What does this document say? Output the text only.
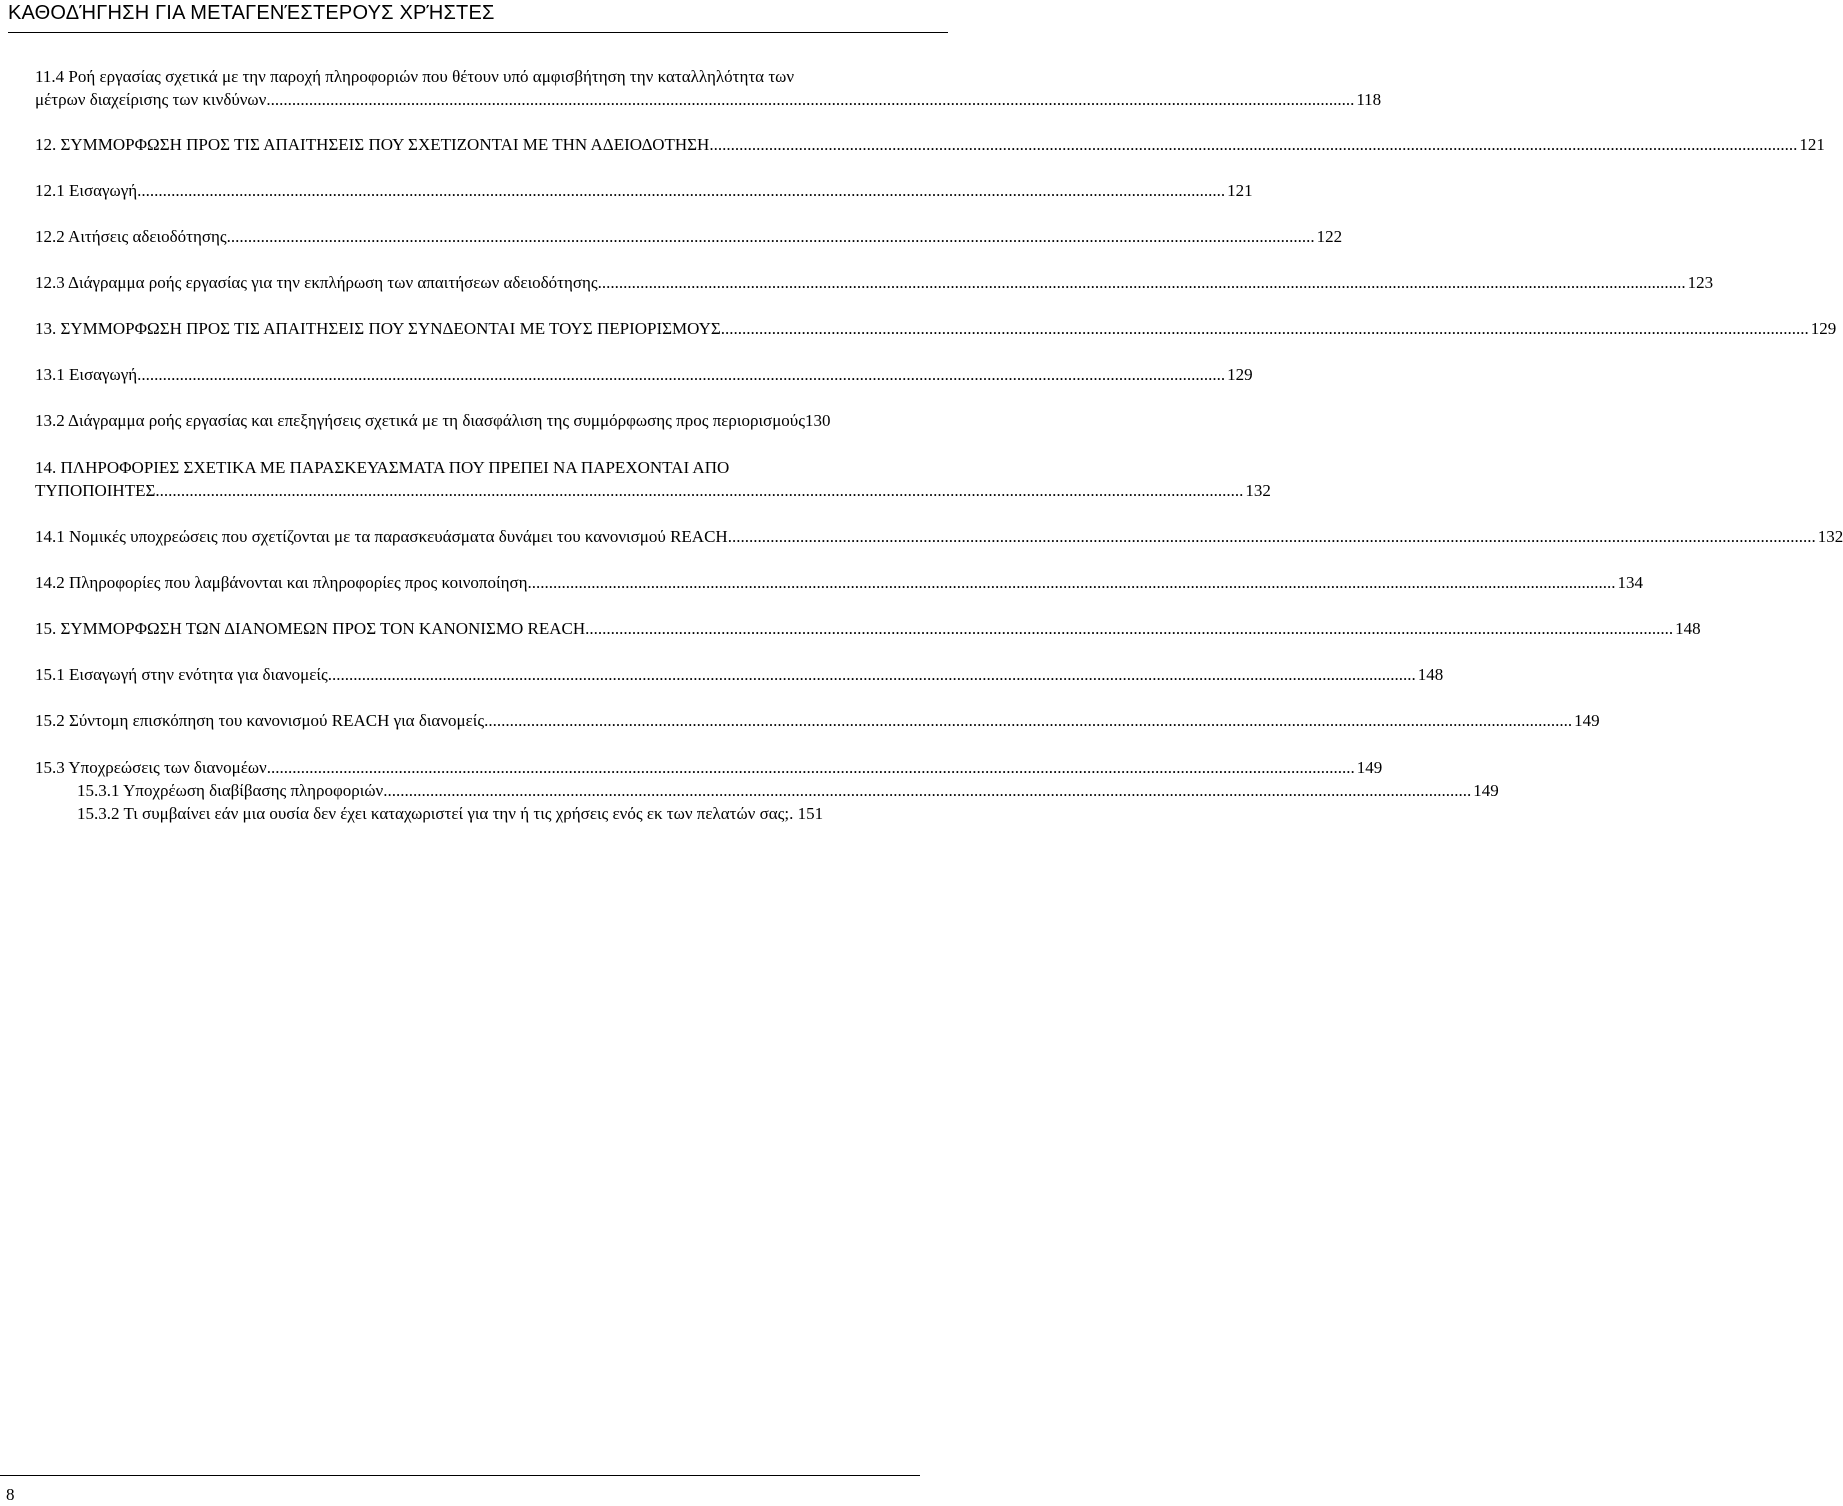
ΚΑΘΟΔΉΓΗΣΗ ΓΙΑ ΜΕΤΑΓΕΝΈΣΤΕΡΟΥΣ ΧΡΉΣΤΕΣ
11.4 Ροή εργασίας σχετικά με την παροχή πληροφοριών που θέτουν υπό αμφισβήτηση την καταλληλότητα των
μέτρων διαχείρισης των κινδύνων .....	118
12. ΣΥΜΜΟΡΦΩΣΗ ΠΡΟΣ ΤΙΣ ΑΠΑΙΤΗΣΕΙΣ ΠΟΥ ΣΧΕΤΙΖΟΝΤΑΙ ΜΕ ΤΗΝ ΑΔΕΙΟΔΟΤΗΣΗ .....	121
12.1 Εισαγωγή .....	121
12.2 Αιτήσεις αδειοδότησης .....	122
12.3 Διάγραμμα ροής εργασίας για την εκπλήρωση των απαιτήσεων αδειοδότησης .....	123
13. ΣΥΜΜΟΡΦΩΣΗ ΠΡΟΣ ΤΙΣ ΑΠΑΙΤΗΣΕΙΣ ΠΟΥ ΣΥΝΔΕΟΝΤΑΙ ΜΕ ΤΟΥΣ ΠΕΡΙΟΡΙΣΜΟΥΣ .....	129
13.1 Εισαγωγή .....	129
13.2 Διάγραμμα ροής εργασίας και επεξηγήσεις σχετικά με τη διασφάλιση της συμμόρφωσης προς περιορισμούς130
14. ΠΛΗΡΟΦΟΡΙΕΣ ΣΧΕΤΙΚΑ ΜΕ ΠΑΡΑΣΚΕΥΑΣΜΑΤΑ ΠΟΥ ΠΡΕΠΕΙ ΝΑ ΠΑΡΕΧΟΝΤΑΙ ΑΠΟ
ΤΥΠΟΠΟΙΗΤΕΣ .....	132
14.1 Νομικές υποχρεώσεις που σχετίζονται με τα παρασκευάσματα δυνάμει του κανονισμού REACH .....	132
14.2 Πληροφορίες που λαμβάνονται και πληροφορίες προς κοινοποίηση .....	134
15. ΣΥΜΜΟΡΦΩΣΗ ΤΩΝ ΔΙΑΝΟΜΕΩΝ ΠΡΟΣ ΤΟΝ ΚΑΝΟΝΙΣΜΟ REACH .....	148
15.1 Εισαγωγή στην ενότητα για διανομείς .....	148
15.2 Σύντομη επισκόπηση του κανονισμού REACH για διανομείς .....	149
15.3 Υποχρεώσεις των διανομέων .....	149
15.3.1 Υποχρέωση διαβίβασης πληροφοριών .....	149
15.3.2 Τι συμβαίνει εάν μια ουσία δεν έχει καταχωριστεί για την ή τις χρήσεις ενός εκ των πελατών σας;. 151
8
